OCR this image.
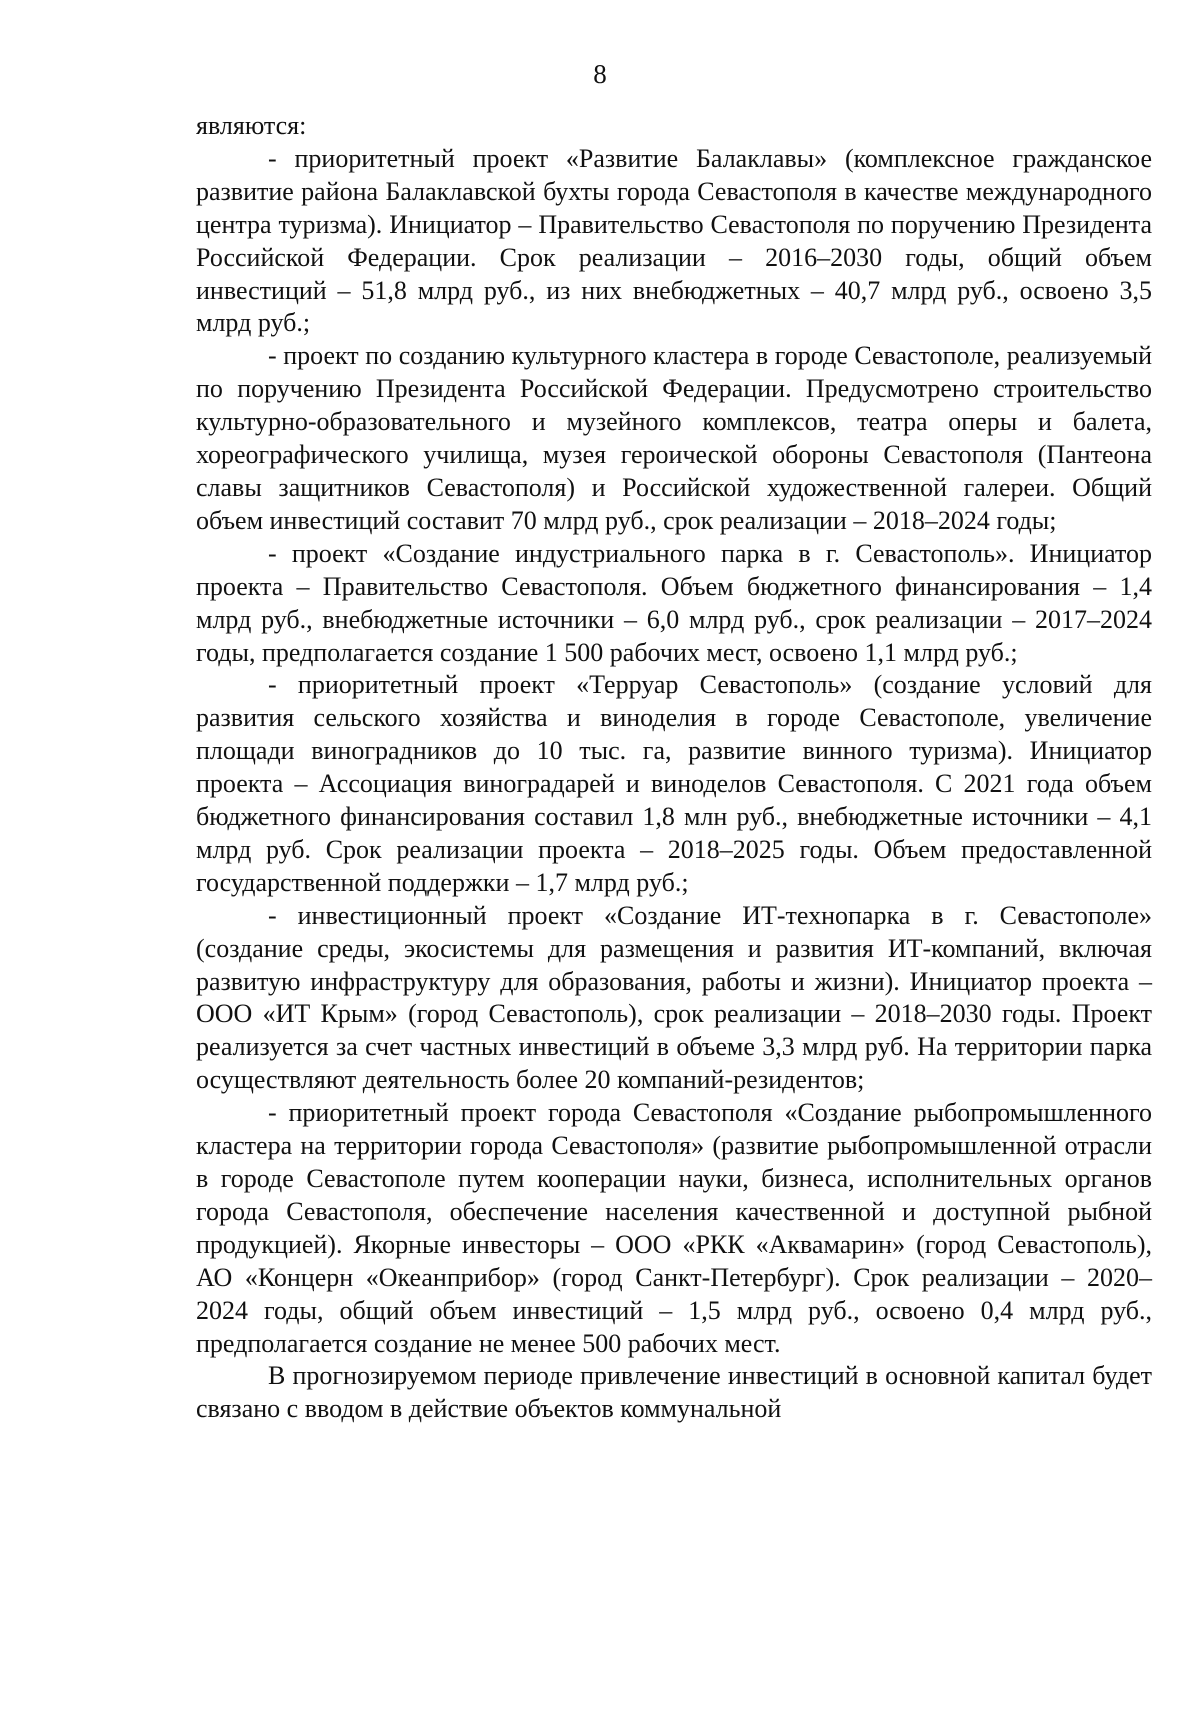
8

являются:

- приоритетный проект «Развитие Балаклавы» (комплексное гражданское развитие района Балаклавской бухты города Севастополя в качестве международного центра туризма). Инициатор – Правительство Севастополя по поручению Президента Российской Федерации. Срок реализации – 2016–2030 годы, общий объем инвестиций – 51,8 млрд руб., из них внебюджетных – 40,7 млрд руб., освоено 3,5 млрд руб.;

- проект по созданию культурного кластера в городе Севастополе, реализуемый по поручению Президента Российской Федерации. Предусмотрено строительство культурно-образовательного и музейного комплексов, театра оперы и балета, хореографического училища, музея героической обороны Севастополя (Пантеона славы защитников Севастополя) и Российской художественной галереи. Общий объем инвестиций составит 70 млрд руб., срок реализации – 2018–2024 годы;

- проект «Создание индустриального парка в г. Севастополь». Инициатор проекта – Правительство Севастополя. Объем бюджетного финансирования – 1,4 млрд руб., внебюджетные источники – 6,0 млрд руб., срок реализации – 2017–2024 годы, предполагается создание 1 500 рабочих мест, освоено 1,1 млрд руб.;

- приоритетный проект «Терруар Севастополь» (создание условий для развития сельского хозяйства и виноделия в городе Севастополе, увеличение площади виноградников до 10 тыс. га, развитие винного туризма). Инициатор проекта – Ассоциация виноградарей и виноделов Севастополя. С 2021 года объем бюджетного финансирования составил 1,8 млн руб., внебюджетные источники – 4,1 млрд руб. Срок реализации проекта – 2018–2025 годы. Объем предоставленной государственной поддержки – 1,7 млрд руб.;

- инвестиционный проект «Создание ИТ-технопарка в г. Севастополе» (создание среды, экосистемы для размещения и развития ИТ-компаний, включая развитую инфраструктуру для образования, работы и жизни). Инициатор проекта – ООО «ИТ Крым» (город Севастополь), срок реализации – 2018–2030 годы. Проект реализуется за счет частных инвестиций в объеме 3,3 млрд руб. На территории парка осуществляют деятельность более 20 компаний-резидентов;

- приоритетный проект города Севастополя «Создание рыбопромышленного кластера на территории города Севастополя» (развитие рыбопромышленной отрасли в городе Севастополе путем кооперации науки, бизнеса, исполнительных органов города Севастополя, обеспечение населения качественной и доступной рыбной продукцией). Якорные инвесторы – ООО «РКК «Аквамарин» (город Севастополь), АО «Концерн «Океанприбор» (город Санкт-Петербург). Срок реализации – 2020–2024 годы, общий объем инвестиций – 1,5 млрд руб., освоено 0,4 млрд руб., предполагается создание не менее 500 рабочих мест.

В прогнозируемом периоде привлечение инвестиций в основной капитал будет связано с вводом в действие объектов коммунальной
